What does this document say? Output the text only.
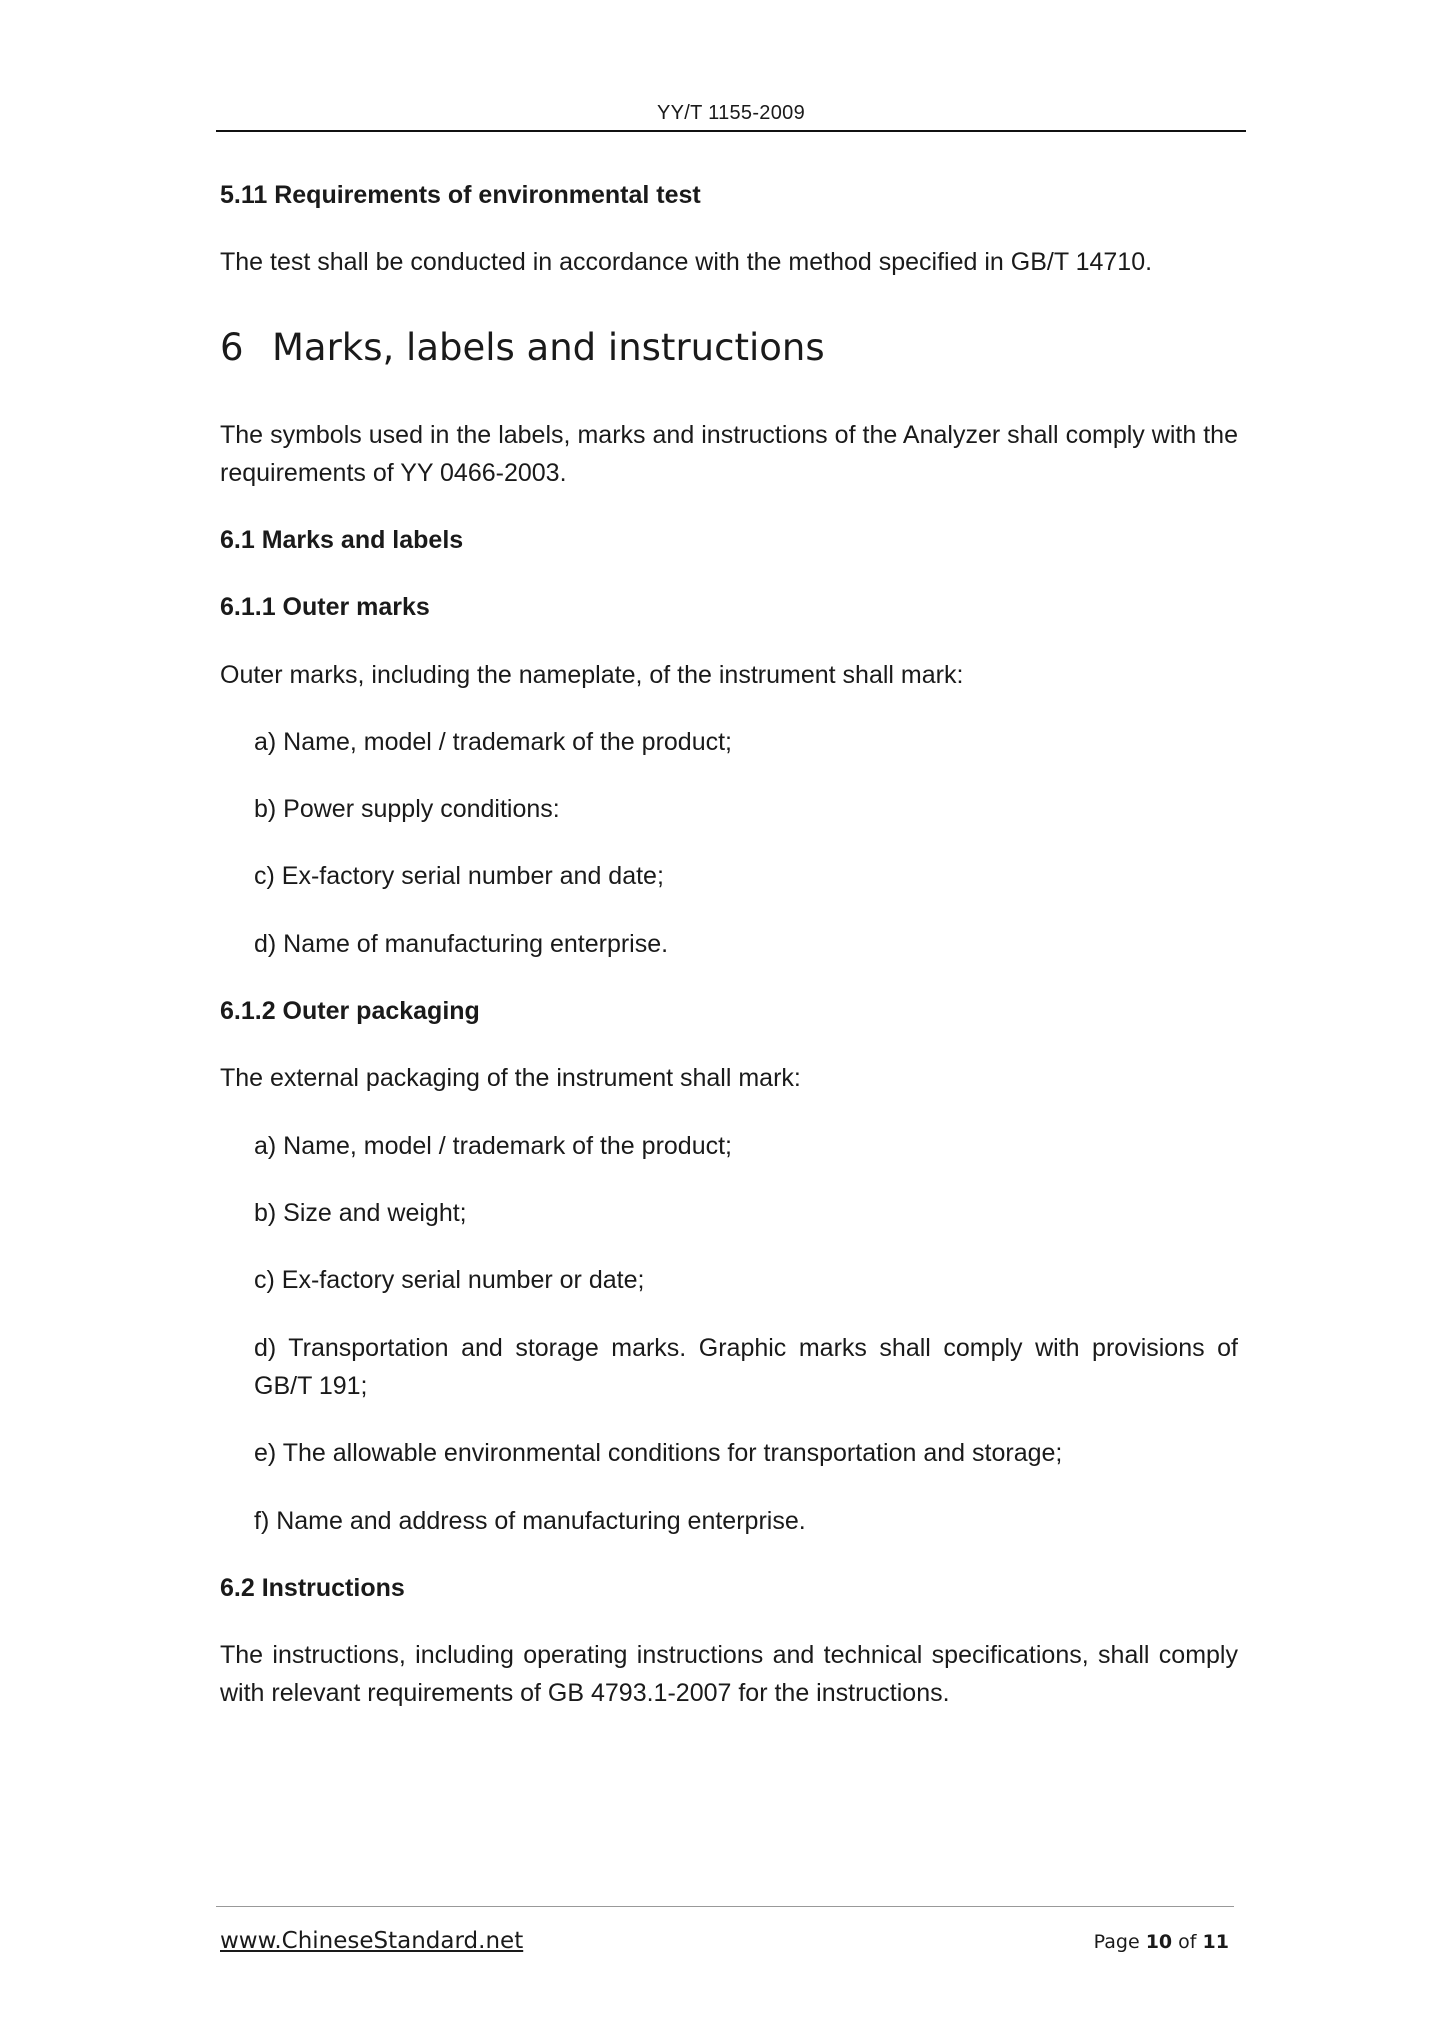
YY/T 1155-2009
5.11 Requirements of environmental test
The test shall be conducted in accordance with the method specified in GB/T 14710.
6 Marks, labels and instructions
The symbols used in the labels, marks and instructions of the Analyzer shall comply with the requirements of YY 0466-2003.
6.1 Marks and labels
6.1.1 Outer marks
Outer marks, including the nameplate, of the instrument shall mark:
a) Name, model / trademark of the product;
b) Power supply conditions:
c) Ex-factory serial number and date;
d) Name of manufacturing enterprise.
6.1.2 Outer packaging
The external packaging of the instrument shall mark:
a) Name, model / trademark of the product;
b) Size and weight;
c) Ex-factory serial number or date;
d) Transportation and storage marks. Graphic marks shall comply with provisions of GB/T 191;
e) The allowable environmental conditions for transportation and storage;
f) Name and address of manufacturing enterprise.
6.2 Instructions
The instructions, including operating instructions and technical specifications, shall comply with relevant requirements of GB 4793.1-2007 for the instructions.
www.ChineseStandard.net	Page 10 of 11
